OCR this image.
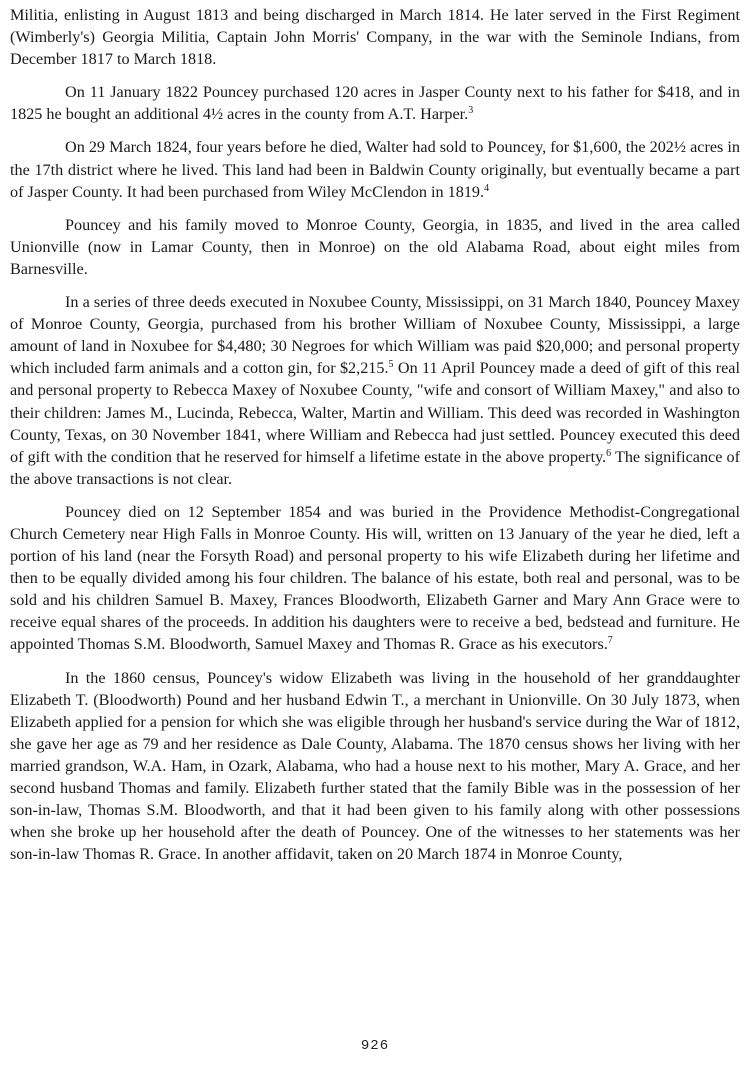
Militia, enlisting in August 1813 and being discharged in March 1814. He later served in the First Regiment (Wimberly's) Georgia Militia, Captain John Morris' Company, in the war with the Seminole Indians, from December 1817 to March 1818.

On 11 January 1822 Pouncey purchased 120 acres in Jasper County next to his father for $418, and in 1825 he bought an additional 4½ acres in the county from A.T. Harper.$^3$

On 29 March 1824, four years before he died, Walter had sold to Pouncey, for $1,600, the 202½ acres in the 17th district where he lived. This land had been in Baldwin County originally, but eventually became a part of Jasper County. It had been purchased from Wiley McClendon in 1819.$^4$

Pouncey and his family moved to Monroe County, Georgia, in 1835, and lived in the area called Unionville (now in Lamar County, then in Monroe) on the old Alabama Road, about eight miles from Barnesville.

In a series of three deeds executed in Noxubee County, Mississippi, on 31 March 1840, Pouncey Maxey of Monroe County, Georgia, purchased from his brother William of Noxubee County, Mississippi, a large amount of land in Noxubee for $4,480; 30 Negroes for which William was paid $20,000; and personal property which included farm animals and a cotton gin, for $2,215.$^5$ On 11 April Pouncey made a deed of gift of this real and personal property to Rebecca Maxey of Noxubee County, "wife and consort of William Maxey," and also to their children: James M., Lucinda, Rebecca, Walter, Martin and William. This deed was recorded in Washington County, Texas, on 30 November 1841, where William and Rebecca had just settled. Pouncey executed this deed of gift with the condition that he reserved for himself a lifetime estate in the above property.$^6$ The significance of the above transactions is not clear.

Pouncey died on 12 September 1854 and was buried in the Providence Methodist-Congregational Church Cemetery near High Falls in Monroe County. His will, written on 13 January of the year he died, left a portion of his land (near the Forsyth Road) and personal property to his wife Elizabeth during her lifetime and then to be equally divided among his four children. The balance of his estate, both real and personal, was to be sold and his children Samuel B. Maxey, Frances Bloodworth, Elizabeth Garner and Mary Ann Grace were to receive equal shares of the proceeds. In addition his daughters were to receive a bed, bedstead and furniture. He appointed Thomas S.M. Bloodworth, Samuel Maxey and Thomas R. Grace as his executors.$^7$

In the 1860 census, Pouncey's widow Elizabeth was living in the household of her granddaughter Elizabeth T. (Bloodworth) Pound and her husband Edwin T., a merchant in Unionville. On 30 July 1873, when Elizabeth applied for a pension for which she was eligible through her husband's service during the War of 1812, she gave her age as 79 and her residence as Dale County, Alabama. The 1870 census shows her living with her married grandson, W.A. Ham, in Ozark, Alabama, who had a house next to his mother, Mary A. Grace, and her second husband Thomas and family. Elizabeth further stated that the family Bible was in the possession of her son-in-law, Thomas S.M. Bloodworth, and that it had been given to his family along with other possessions when she broke up her household after the death of Pouncey. One of the witnesses to her statements was her son-in-law Thomas R. Grace. In another affidavit, taken on 20 March 1874 in Monroe County,

926
